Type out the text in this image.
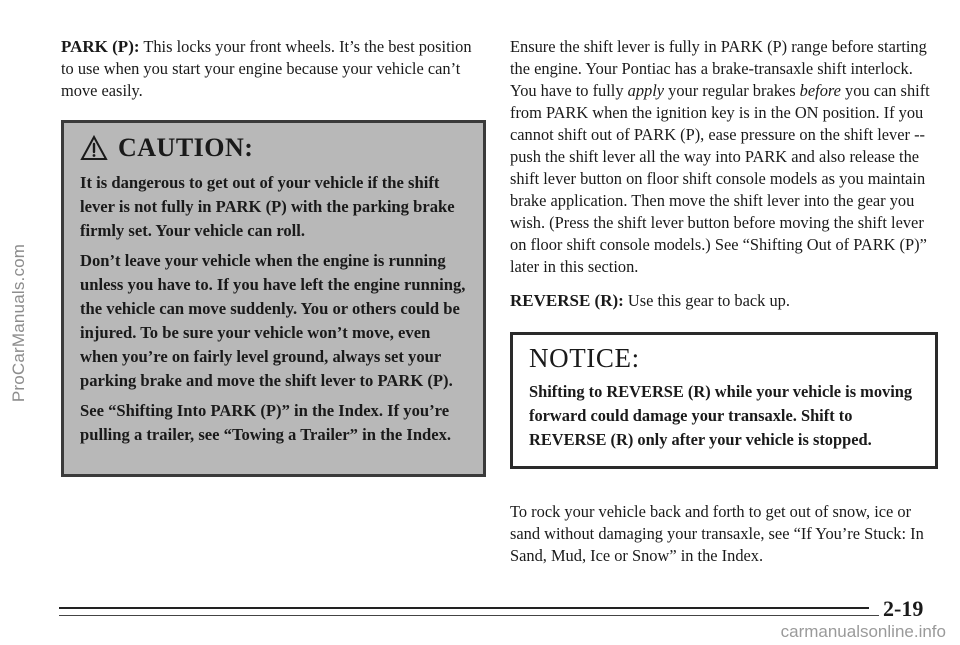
ProCarManuals.com

PARK (P): This locks your front wheels. It’s the best position to use when you start your engine because your vehicle can’t move easily.

CAUTION:

It is dangerous to get out of your vehicle if the shift lever is not fully in PARK (P) with the parking brake firmly set. Your vehicle can roll.

Don’t leave your vehicle when the engine is running unless you have to. If you have left the engine running, the vehicle can move suddenly. You or others could be injured. To be sure your vehicle won’t move, even when you’re on fairly level ground, always set your parking brake and move the shift lever to PARK (P).

See “Shifting Into PARK (P)” in the Index. If you’re pulling a trailer, see “Towing a Trailer” in the Index.

Ensure the shift lever is fully in PARK (P) range before starting the engine. Your Pontiac has a brake-transaxle shift interlock. You have to fully apply your regular brakes before you can shift from PARK when the ignition key is in the ON position. If you cannot shift out of PARK (P), ease pressure on the shift lever -- push the shift lever all the way into PARK and also release the shift lever button on floor shift console models as you maintain brake application. Then move the shift lever into the gear you wish. (Press the shift lever button before moving the shift lever on floor shift console models.) See “Shifting Out of PARK (P)” later in this section.

REVERSE (R): Use this gear to back up.

NOTICE:

Shifting to REVERSE (R) while your vehicle is moving forward could damage your transaxle. Shift to REVERSE (R) only after your vehicle is stopped.

To rock your vehicle back and forth to get out of snow, ice or sand without damaging your transaxle, see “If You’re Stuck: In Sand, Mud, Ice or Snow” in the Index.

2-19
carmanualsonline.info
